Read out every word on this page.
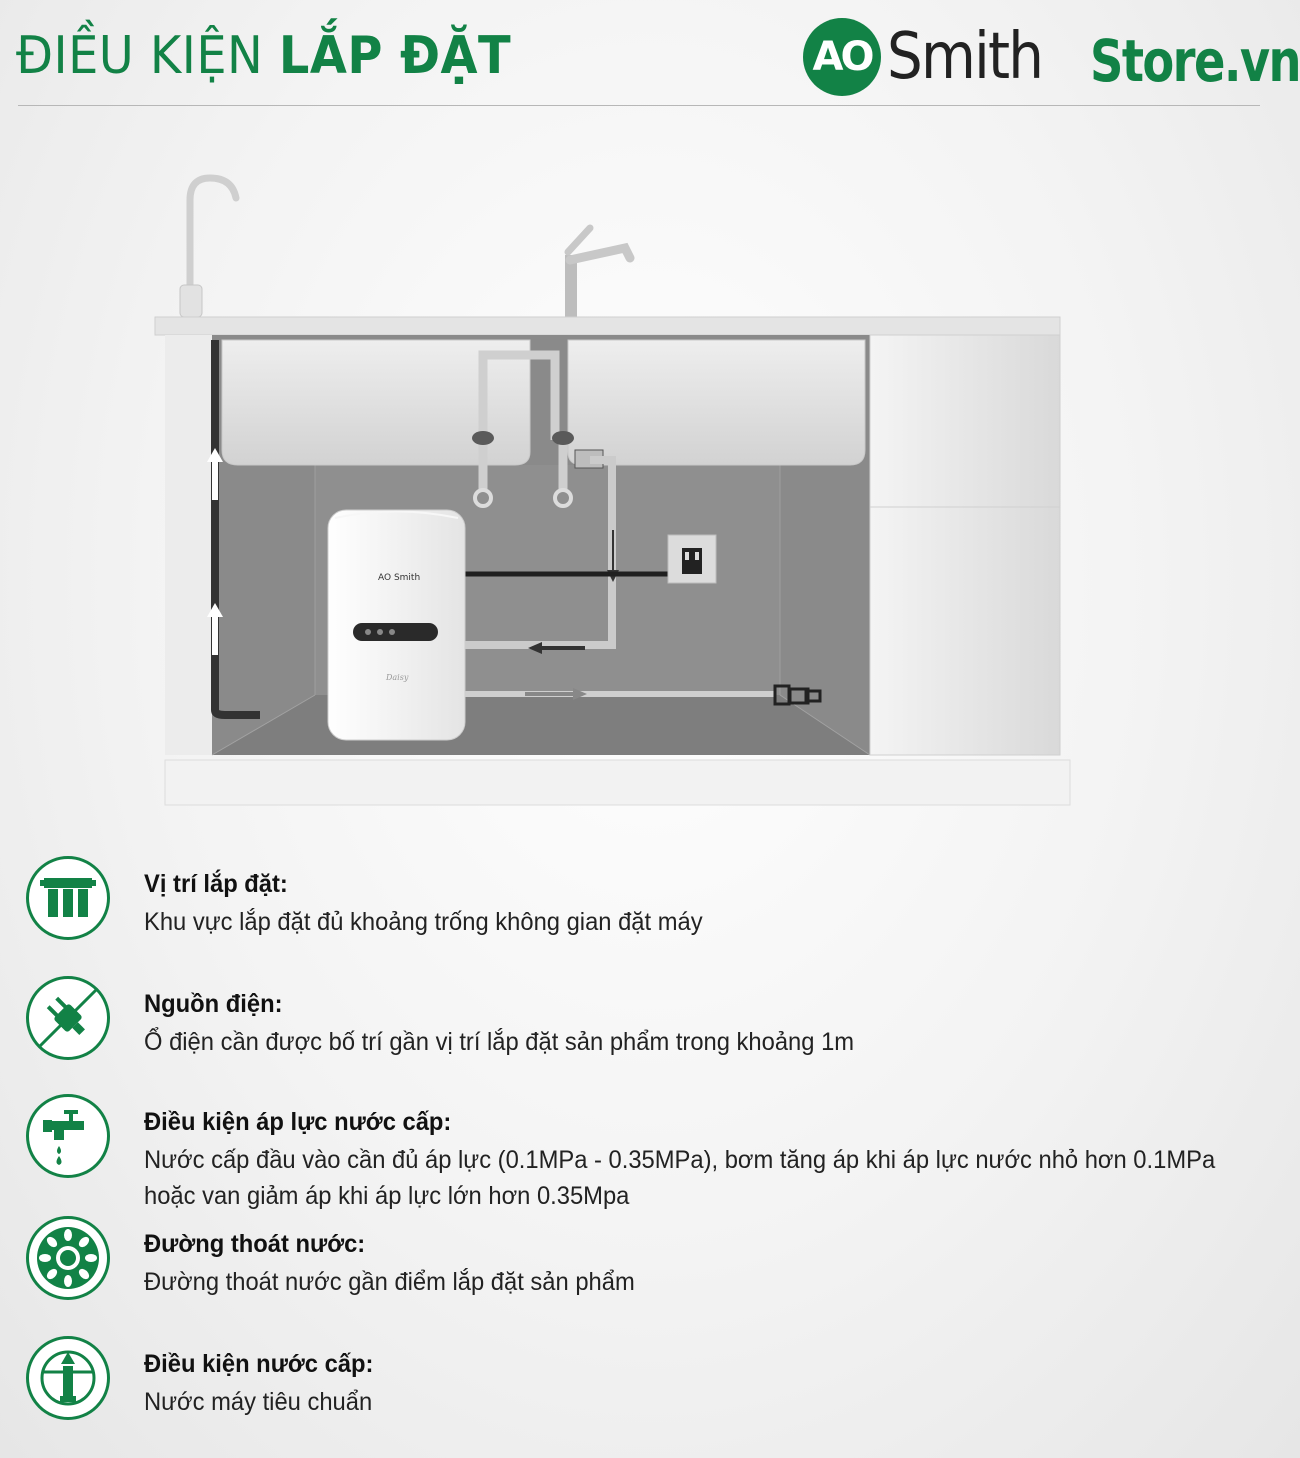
ĐIỀU KIỆN LẮP ĐẶT	AO Smith Store.vn
AO Smith
Daisy

Vị trí lắp đặt:

Khu vực lắp đặt đủ khoảng trống không gian đặt máy

Nguồn điện:

Ổ điện cần được bố trí gần vị trí lắp đặt sản phẩm trong khoảng 1m

Điều kiện áp lực nước cấp:

Nước cấp đầu vào cần đủ áp lực (0.1MPa - 0.35MPa), bơm tăng áp khi áp lực nước nhỏ hơn 0.1MPa hoặc van giảm áp khi áp lực lớn hơn 0.35Mpa

Đường thoát nước:

Đường thoát nước gần điểm lắp đặt sản phẩm

Điều kiện nước cấp:

Nước máy tiêu chuẩn
